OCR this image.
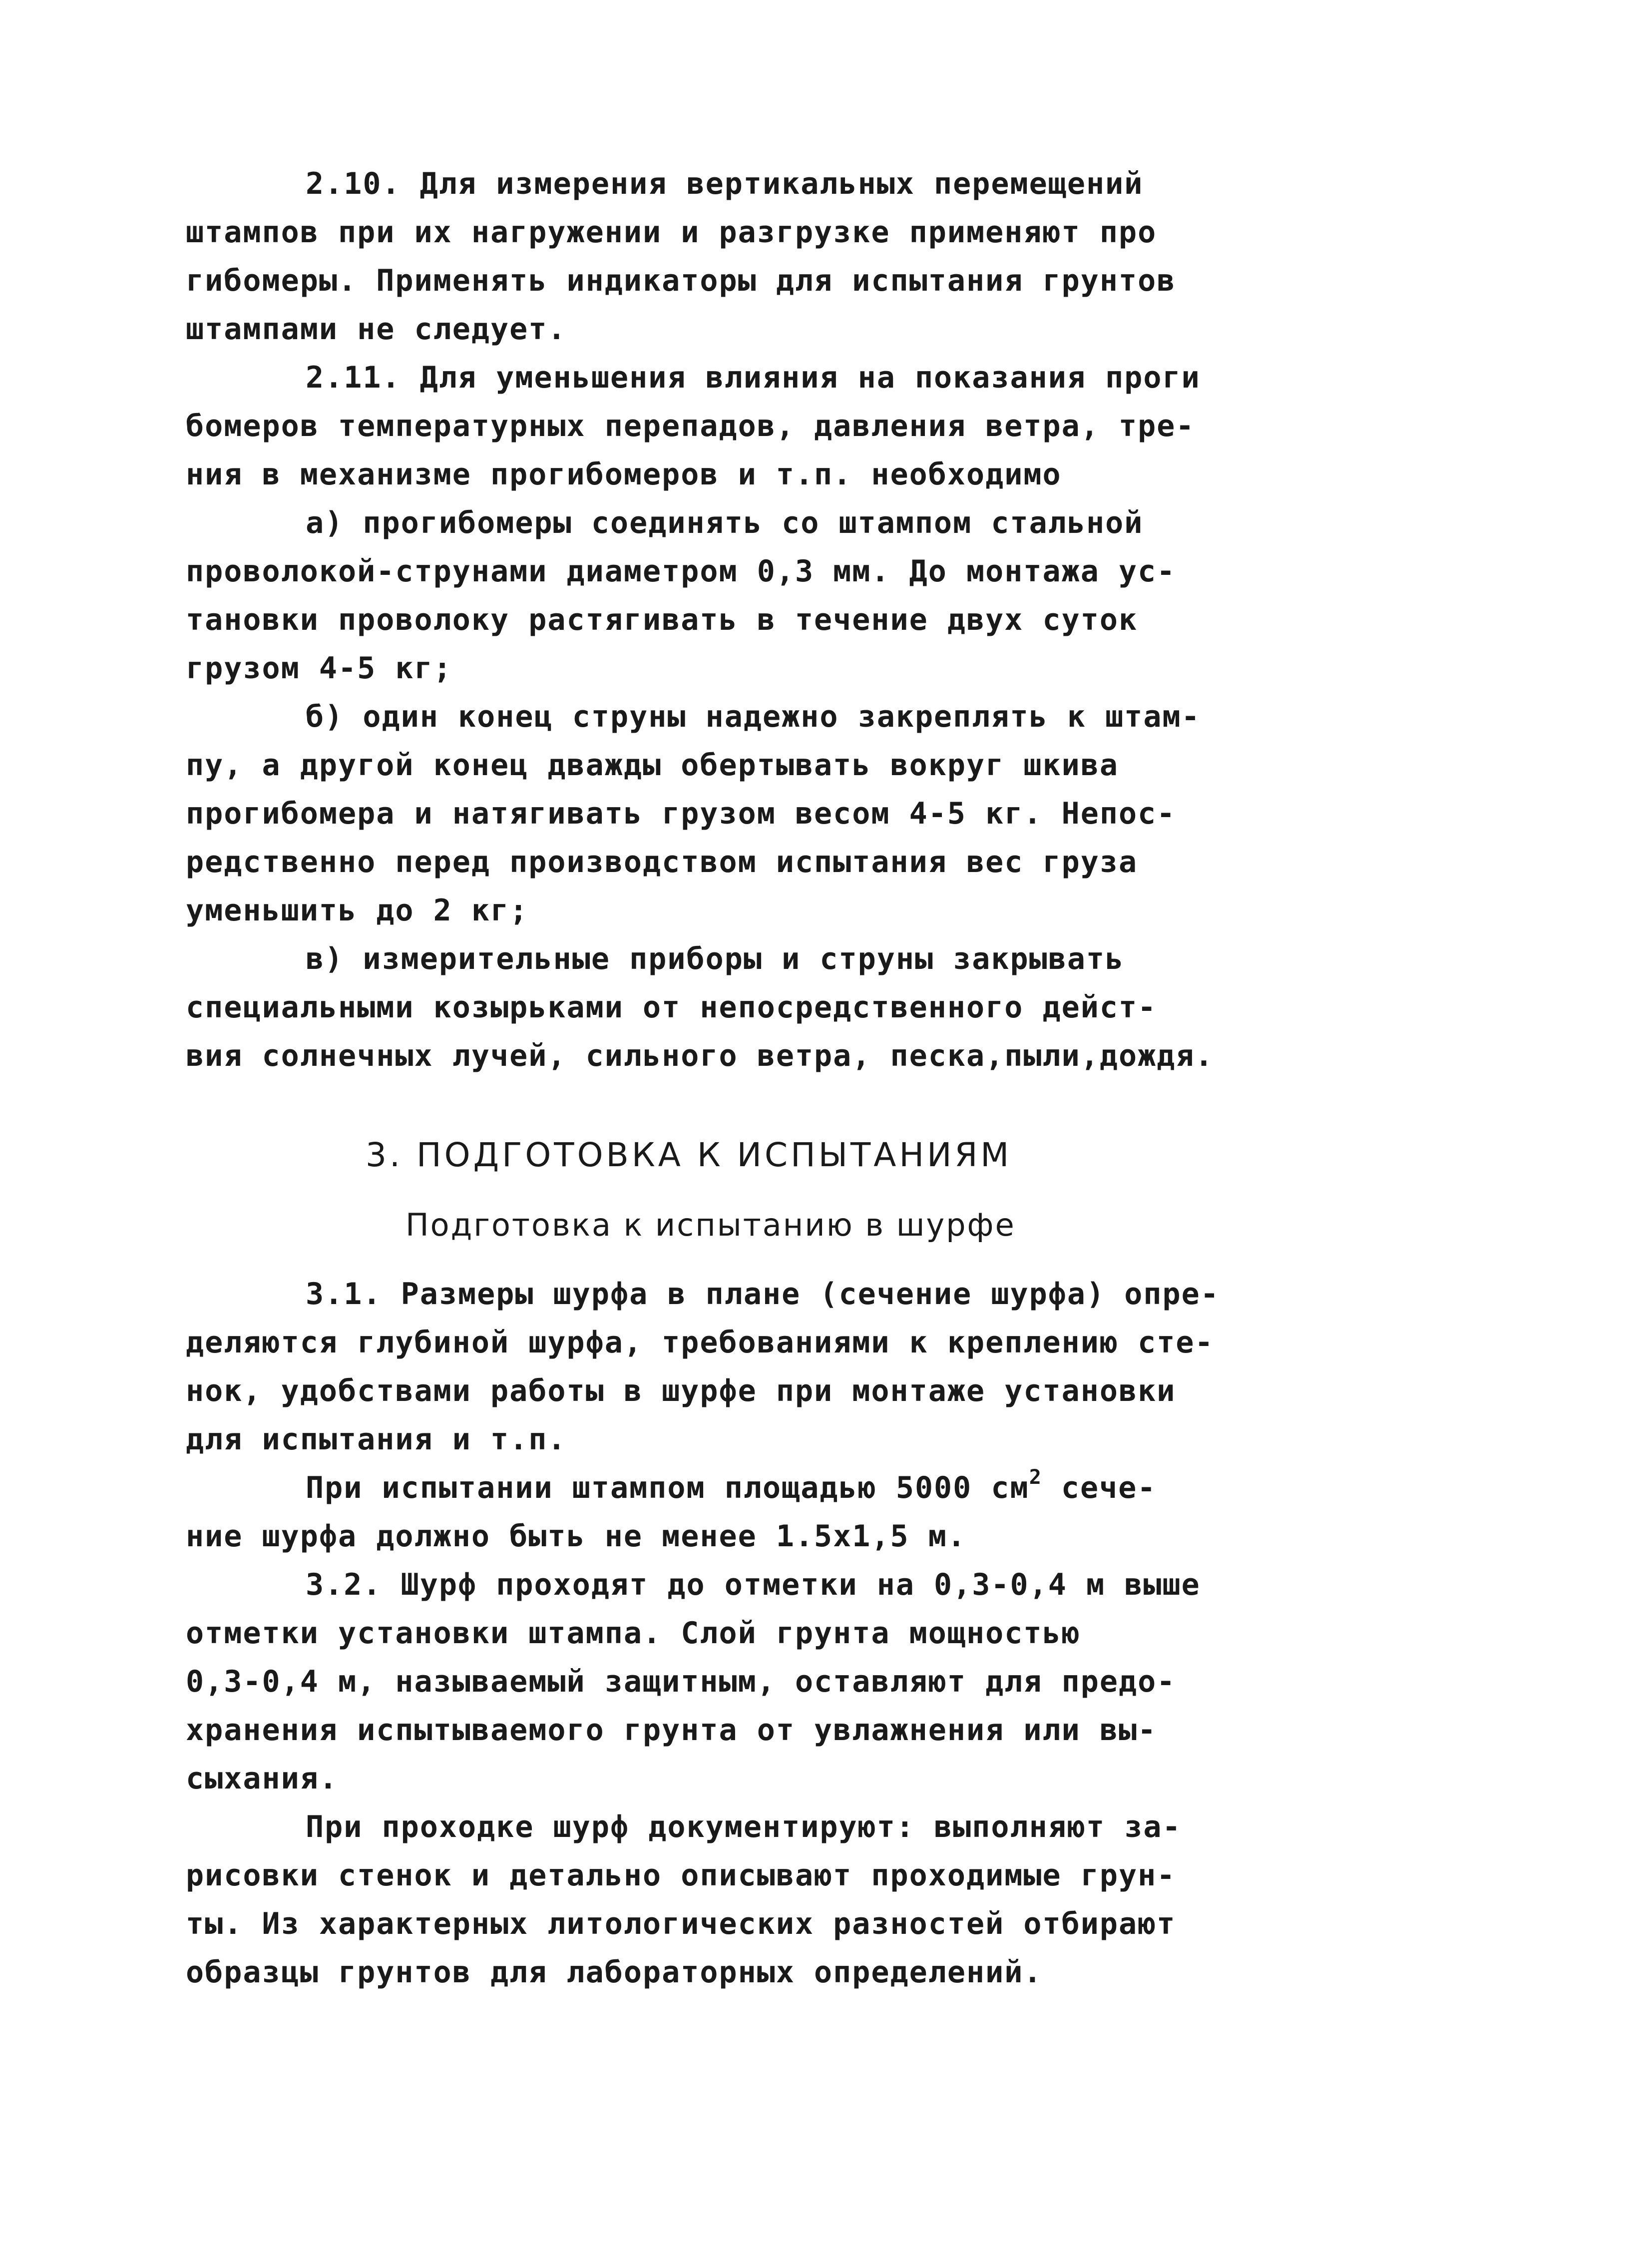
2.10. Для измерения вертикальных перемещений
штампов при их нагружении и разгрузке применяют про
гибомеры. Применять индикаторы для испытания грунтов
штампами не следует.
2.11. Для уменьшения влияния на показания проги
бомеров температурных перепадов, давления ветра, тре-
ния в механизме прогибомеров и т.п. необходимо
а) прогибомеры соединять со штампом стальной
проволокой-струнами диаметром 0,3 мм. До монтажа ус-
тановки проволоку растягивать в течение двух суток
грузом 4-5 кг;
б) один конец струны надежно закреплять к штам-
пу, а другой конец дважды обертывать вокруг шкива
прогибомера и натягивать грузом весом 4-5 кг. Непос-
редственно перед производством испытания вес груза
уменьшить до 2 кг;
в) измерительные приборы и струны закрывать
специальными козырьками от непосредственного дейст-
вия солнечных лучей, сильного ветра, песка,пыли,дождя.
3. ПОДГОТОВКА К ИСПЫТАНИЯМ
Подготовка к испытанию в шурфе
3.1. Размеры шурфа в плане (сечение шурфа) опре-
деляются глубиной шурфа, требованиями к креплению сте-
нок, удобствами работы в шурфе при монтаже установки
для испытания и т.п.
При испытании штампом площадью 5000 $см^2$ сече-
ние шурфа должно быть не менее 1.5х1,5 м.
3.2. Шурф проходят до отметки на 0,3-0,4 м выше
отметки установки штампа. Слой грунта мощностью
0,3-0,4 м, называемый защитным, оставляют для предо-
хранения испытываемого грунта от увлажнения или вы-
сыхания.
При проходке шурф документируют: выполняют за-
рисовки стенок и детально описывают проходимые грун-
ты. Из характерных литологических разностей отбирают
образцы грунтов для лабораторных определений.
